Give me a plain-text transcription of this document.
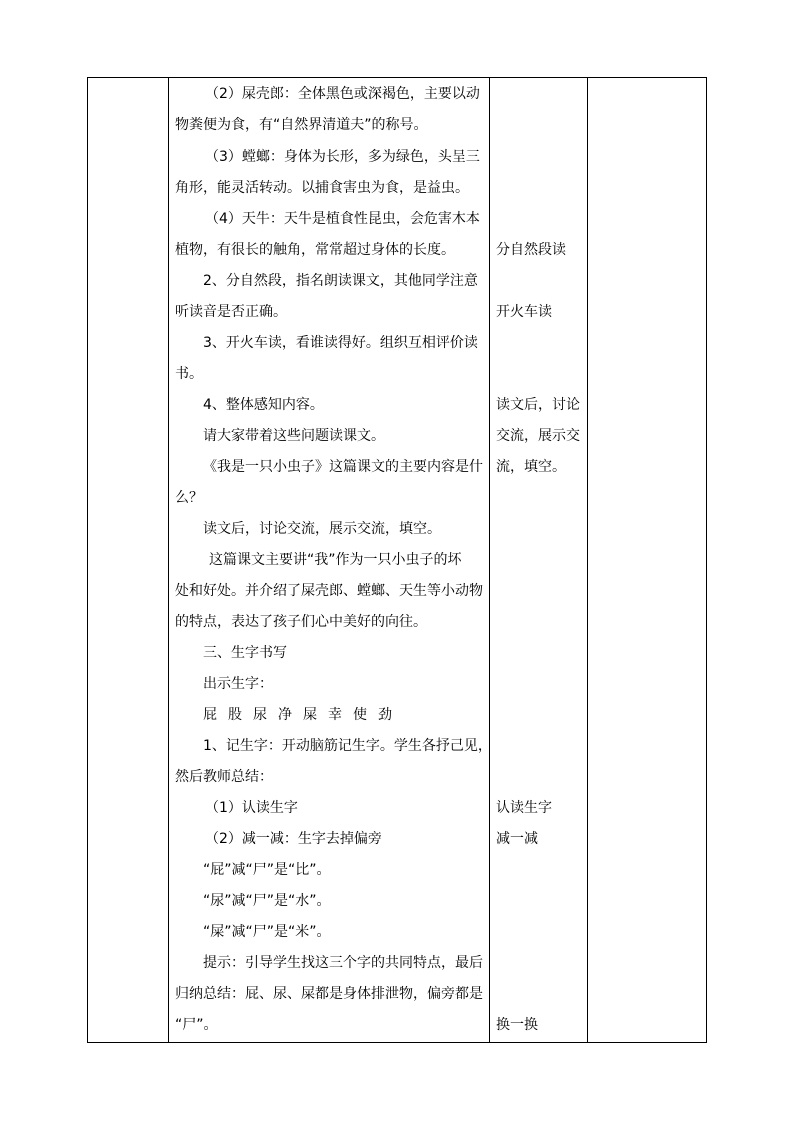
（2）屎壳郎：全体黑色或深褐色，主要以动
物粪便为食，有“自然界清道夫”的称号。
（3）螳螂：身体为长形，多为绿色，头呈三
角形，能灵活转动。以捕食害虫为食，是益虫。
（4）天牛：天牛是植食性昆虫，会危害木本
植物，有很长的触角，常常超过身体的长度。
2、分自然段，指名朗读课文，其他同学注意
听读音是否正确。
3、开火车读，看谁读得好。组织互相评价读
书。
4、整体感知内容。
请大家带着这些问题读课文。
《我是一只小虫子》这篇课文的主要内容是什
么？
读文后，讨论交流，展示交流，填空。
这篇课文主要讲“我”作为一只小虫子的坏
处和好处。并介绍了屎壳郎、螳螂、天生等小动物
的特点，表达了孩子们心中美好的向往。
三、生字书写
出示生字：
屁股尿净屎幸使劲
1、记生字：开动脑筋记生字。学生各抒己见，
然后教师总结：
（1）认读生字
（2）减一减：生字去掉偏旁
“屁”减“尸”是“比”。
“尿”减“尸”是“水”。
“屎”减“尸”是“米”。
提示：引导学生找这三个字的共同特点，最后
归纳总结：屁、尿、屎都是身体排泄物，偏旁都是
“尸”。
分自然段读
开火车读
读文后，讨论
交流，展示交
流，填空。
认读生字
减一减
换一换
